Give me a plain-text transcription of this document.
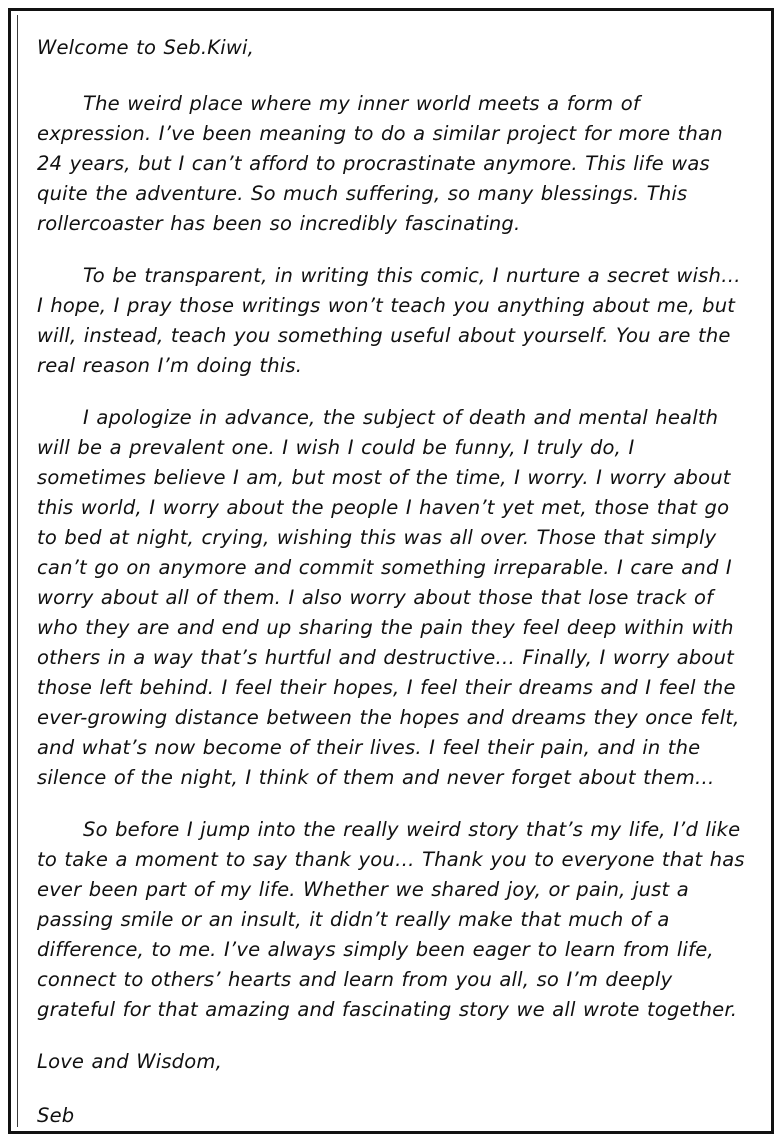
Welcome to Seb.Kiwi,

The weird place where my inner world meets a form of expression. I’ve been meaning to do a similar project for more than 24 years, but I can’t afford to procrastinate anymore. This life was quite the adventure. So much suffering, so many blessings. This rollercoaster has been so incredibly fascinating.

To be transparent, in writing this comic, I nurture a secret wish… I hope, I pray those writings won’t teach you anything about me, but will, instead, teach you something useful about yourself. You are the real reason I’m doing this.

I apologize in advance, the subject of death and mental health will be a prevalent one. I wish I could be funny, I truly do, I sometimes believe I am, but most of the time, I worry. I worry about this world, I worry about the people I haven’t yet met, those that go to bed at night, crying, wishing this was all over. Those that simply can’t go on anymore and commit something irreparable. I care and I worry about all of them. I also worry about those that lose track of who they are and end up sharing the pain they feel deep within with others in a way that’s hurtful and destructive… Finally, I worry about those left behind. I feel their hopes, I feel their dreams and I feel the ever-growing distance between the hopes and dreams they once felt, and what’s now become of their lives. I feel their pain, and in the silence of the night, I think of them and never forget about them…

So before I jump into the really weird story that’s my life, I’d like to take a moment to say thank you… Thank you to everyone that has ever been part of my life. Whether we shared joy, or pain, just a passing smile or an insult, it didn’t really make that much of a difference, to me. I’ve always simply been eager to learn from life, connect to others’ hearts and learn from you all, so I’m deeply grateful for that amazing and fascinating story we all wrote together.

Love and Wisdom,
Seb
